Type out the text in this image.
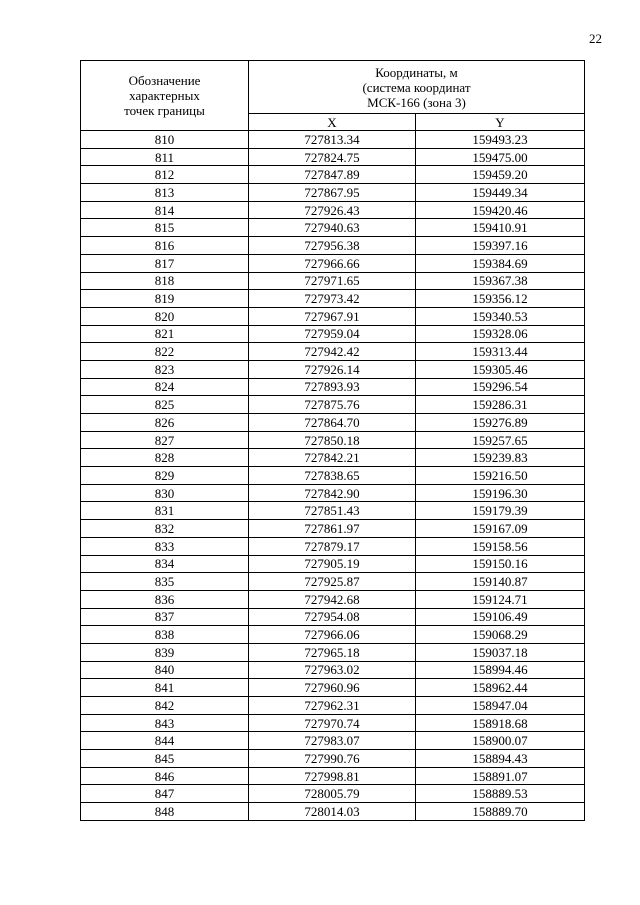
22
Обозначение
характерных
точек границы	Координаты, м
(система координат
МСК-166 (зона 3)	

	X	Y
810	727813.34	159493.23
811	727824.75	159475.00
812	727847.89	159459.20
813	727867.95	159449.34
814	727926.43	159420.46
815	727940.63	159410.91
816	727956.38	159397.16
817	727966.66	159384.69
818	727971.65	159367.38
819	727973.42	159356.12
820	727967.91	159340.53
821	727959.04	159328.06
822	727942.42	159313.44
823	727926.14	159305.46
824	727893.93	159296.54
825	727875.76	159286.31
826	727864.70	159276.89
827	727850.18	159257.65
828	727842.21	159239.83
829	727838.65	159216.50
830	727842.90	159196.30
831	727851.43	159179.39
832	727861.97	159167.09
833	727879.17	159158.56
834	727905.19	159150.16
835	727925.87	159140.87
836	727942.68	159124.71
837	727954.08	159106.49
838	727966.06	159068.29
839	727965.18	159037.18
840	727963.02	158994.46
841	727960.96	158962.44
842	727962.31	158947.04
843	727970.74	158918.68
844	727983.07	158900.07
845	727990.76	158894.43
846	727998.81	158891.07
847	728005.79	158889.53
848	728014.03	158889.70
